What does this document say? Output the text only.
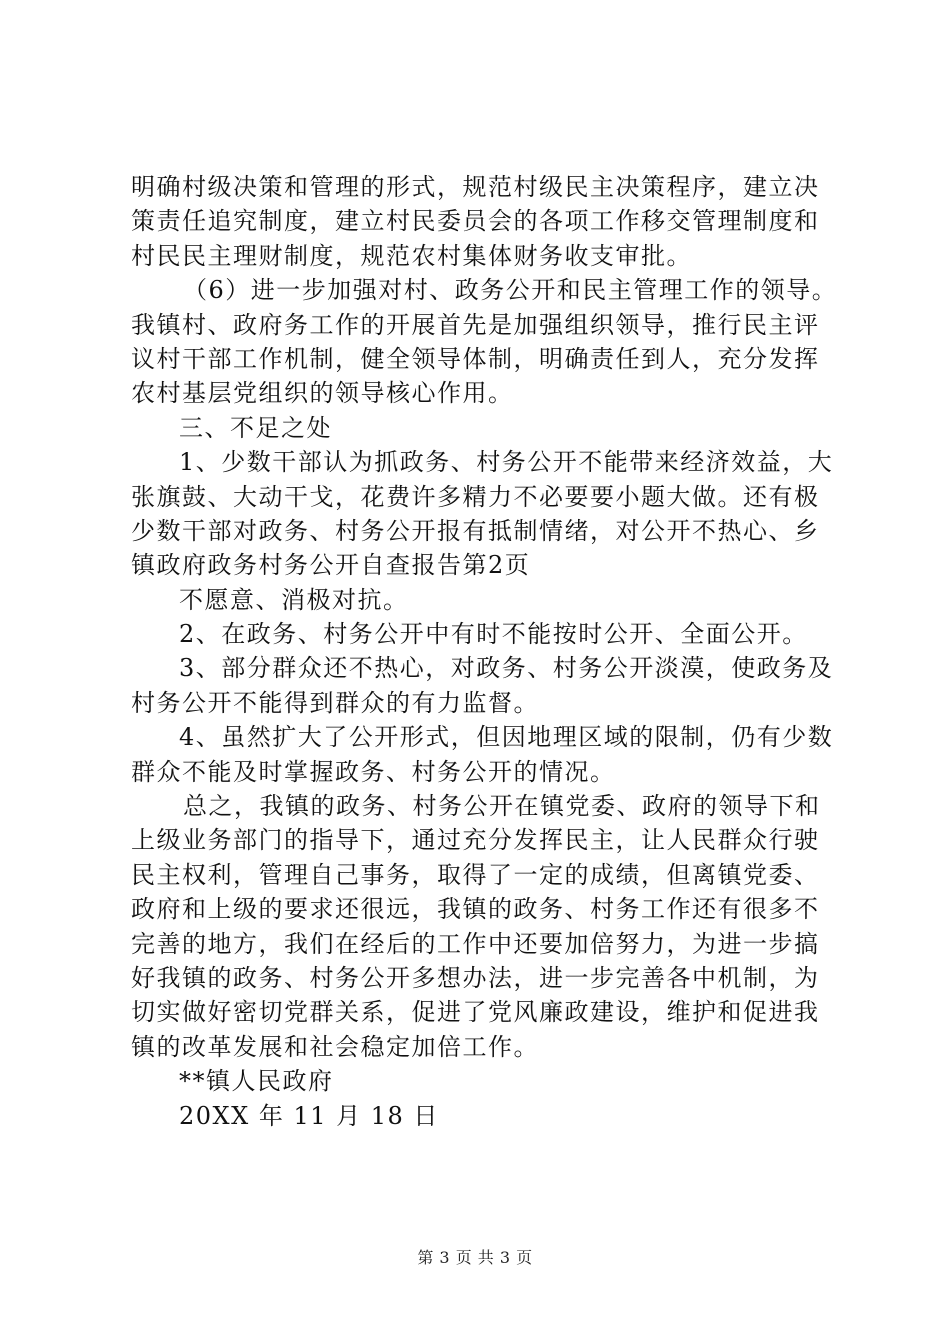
明确村级决策和管理的形式，规范村级民主决策程序，建立决
策责任追究制度，建立村民委员会的各项工作移交管理制度和
村民民主理财制度，规范农村集体财务收支审批。
（6）进一步加强对村、政务公开和民主管理工作的领导。
我镇村、政府务工作的开展首先是加强组织领导，推行民主评
议村干部工作机制，健全领导体制，明确责任到人，充分发挥
农村基层党组织的领导核心作用。
三、不足之处
1、少数干部认为抓政务、村务公开不能带来经济效益，大
张旗鼓、大动干戈，花费许多精力不必要要小题大做。还有极
少数干部对政务、村务公开报有抵制情绪，对公开不热心、乡
镇政府政务村务公开自查报告第2页
不愿意、消极对抗。
2、在政务、村务公开中有时不能按时公开、全面公开。
3、部分群众还不热心，对政务、村务公开淡漠，使政务及
村务公开不能得到群众的有力监督。
4、虽然扩大了公开形式，但因地理区域的限制，仍有少数
群众不能及时掌握政务、村务公开的情况。
总之，我镇的政务、村务公开在镇党委、政府的领导下和
上级业务部门的指导下，通过充分发挥民主，让人民群众行驶
民主权利，管理自己事务，取得了一定的成绩，但离镇党委、
政府和上级的要求还很远，我镇的政务、村务工作还有很多不
完善的地方，我们在经后的工作中还要加倍努力，为进一步搞
好我镇的政务、村务公开多想办法，进一步完善各中机制，为
切实做好密切党群关系，促进了党风廉政建设，维护和促进我
镇的改革发展和社会稳定加倍工作。
**镇人民政府
20XX 年 11 月 18 日
第 3 页 共 3 页
